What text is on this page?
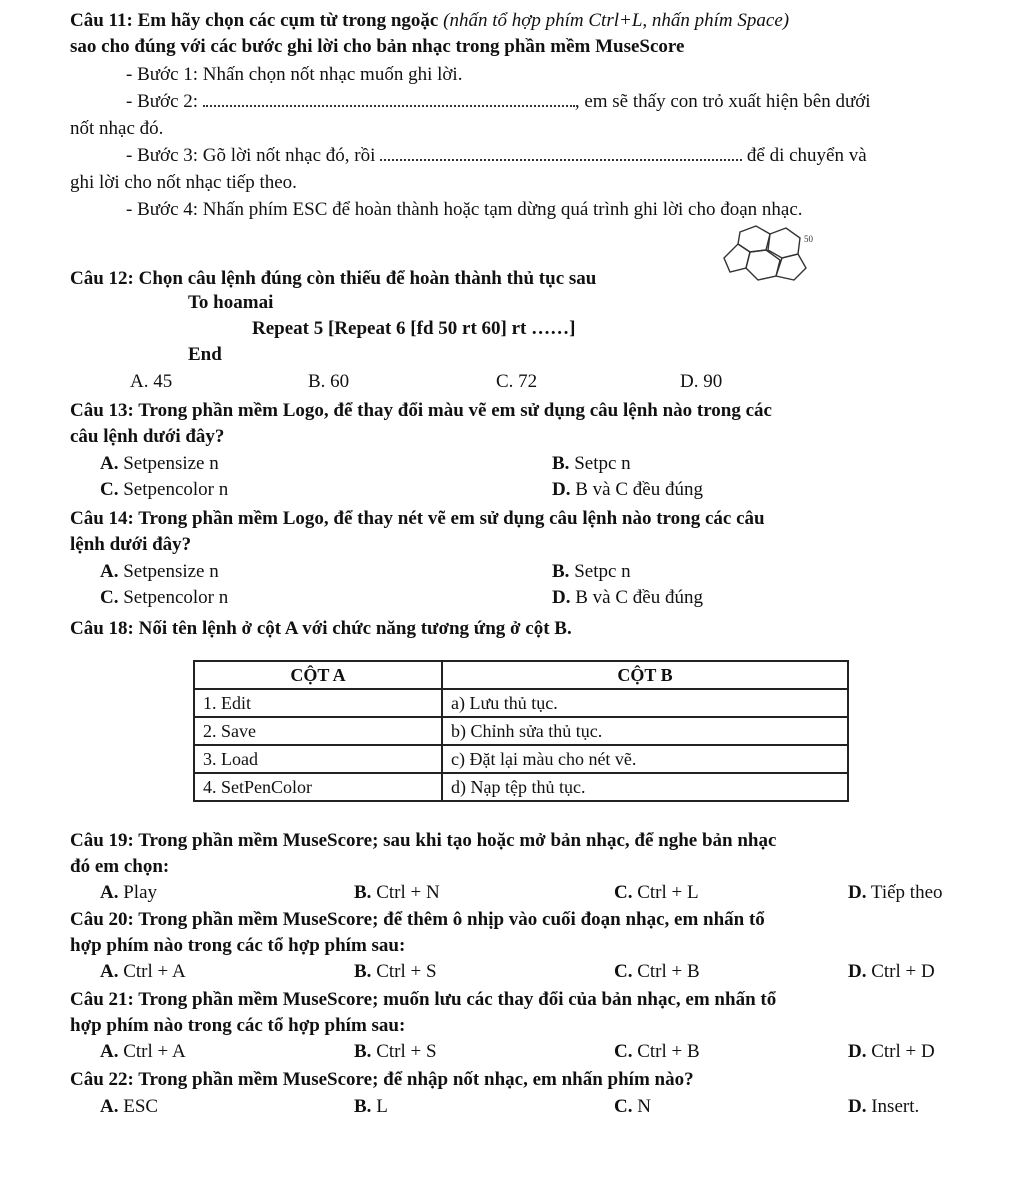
Câu 11: Em hãy chọn các cụm từ trong ngoặc (nhấn tổ hợp phím Ctrl+L, nhấn phím Space)
sao cho đúng với các bước ghi lời cho bản nhạc trong phần mềm MuseScore
- Bước 1: Nhấn chọn nốt nhạc muốn ghi lời.
- Bước 2:	, em sẽ thấy con trỏ xuất hiện bên dưới
nốt nhạc đó.
- Bước 3: Gõ lời nốt nhạc đó, rồi	để di chuyển và
ghi lời cho nốt nhạc tiếp theo.
- Bước 4: Nhấn phím ESC để hoàn thành hoặc tạm dừng quá trình ghi lời cho đoạn nhạc.
50
Câu 12: Chọn câu lệnh đúng còn thiếu để hoàn thành thủ tục sau
To hoamai
Repeat 5 [Repeat 6 [fd 50 rt 60] rt ……]
End
A. 45	B. 60	C. 72	D. 90
Câu 13: Trong phần mềm Logo, để thay đổi màu vẽ em sử dụng câu lệnh nào trong các
câu lệnh dưới đây?
A. Setpensize n	B. Setpc n
C. Setpencolor n	D. B và C đều đúng
Câu 14: Trong phần mềm Logo, để thay nét vẽ em sử dụng câu lệnh nào trong các câu
lệnh dưới đây?
A. Setpensize n	B. Setpc n
C. Setpencolor n	D. B và C đều đúng
Câu 18: Nối tên lệnh ở cột A với chức năng tương ứng ở cột B.
CỘT A	CỘT B
1. Edit	a) Lưu thủ tục.
2. Save	b) Chỉnh sửa thủ tục.
3. Load	c) Đặt lại màu cho nét vẽ.
4. SetPenColor	d) Nạp tệp thủ tục.
Câu 19: Trong phần mềm MuseScore; sau khi tạo hoặc mở bản nhạc, để nghe bản nhạc
đó em chọn:
A. Play	B. Ctrl + N	C. Ctrl + L	D. Tiếp theo
Câu 20: Trong phần mềm MuseScore; để thêm ô nhịp vào cuối đoạn nhạc, em nhấn tổ
hợp phím nào trong các tổ hợp phím sau:
A. Ctrl + A	B. Ctrl + S	C. Ctrl + B	D. Ctrl + D
Câu 21: Trong phần mềm MuseScore; muốn lưu các thay đổi của bản nhạc, em nhấn tổ
hợp phím nào trong các tổ hợp phím sau:
A. Ctrl + A	B. Ctrl + S	C. Ctrl + B	D. Ctrl + D
Câu 22: Trong phần mềm MuseScore; để nhập nốt nhạc, em nhấn phím nào?
A. ESC	B. L	C. N	D. Insert.
